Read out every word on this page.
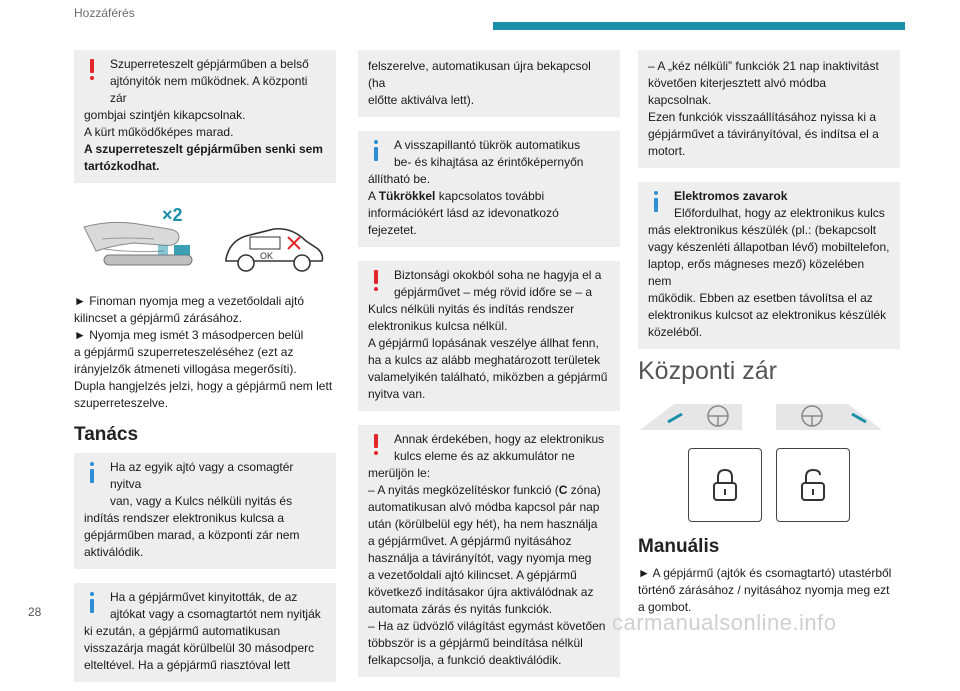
Hozzáférés

Szuperreteszelt gépjárműben a belső

ajtónyitók nem működnek. A központi zár

gombjai szintjén kikapcsolnak.

A kürt működőképes marad.

A szuperreteszelt gépjárműben senki sem

tartózkodhat.

×2
OK

► Finoman nyomja meg a vezetőoldali ajtó

kilincset a gépjármű zárásához.

► Nyomja meg ismét 3 másodpercen belül

a gépjármű szuperreteszeléséhez (ezt az

irányjelzők átmeneti villogása megerősíti).

Dupla hangjelzés jelzi, hogy a gépjármű nem lett

szuperreteszelve.

Tanács

Ha az egyik ajtó vagy a csomagtér nyitva

van, vagy a Kulcs nélküli nyitás és

indítás rendszer elektronikus kulcsa a

gépjárműben marad, a központi zár nem

aktiválódik.

Ha a gépjárművet kinyitották, de az

ajtókat vagy a csomagtartót nem nyitják

ki ezután, a gépjármű automatikusan

visszazárja magát körülbelül 30 másodperc

elteltével. Ha a gépjármű riasztóval lett

felszerelve, automatikusan újra bekapcsol (ha

előtte aktiválva lett).

A visszapillantó tükrök automatikus

be- és kihajtása az érintőképernyőn

állítható be.

A Tükrökkel kapcsolatos további

információkért lásd az idevonatkozó fejezetet.

Biztonsági okokból soha ne hagyja el a

gépjárművet – még rövid időre se – a

Kulcs nélküli nyitás és indítás rendszer

elektronikus kulcsa nélkül.

A gépjármű lopásának veszélye állhat fenn,

ha a kulcs az alább meghatározott területek

valamelyikén található, miközben a gépjármű

nyitva van.

Annak érdekében, hogy az elektronikus

kulcs eleme és az akkumulátor ne

merüljön le:

– A nyitás megközelítéskor funkció (C zóna)

automatikusan alvó módba kapcsol pár nap

után (körülbelül egy hét), ha nem használja

a gépjárművet. A gépjármű nyitásához

használja a távirányítót, vagy nyomja meg

a vezetőoldali ajtó kilincset. A gépjármű

következő indításakor újra aktiválódnak az

automata zárás és nyitás funkciók.

– Ha az üdvözlő világítást egymást követően

többször is a gépjármű beindítása nélkül

felkapcsolja, a funkció deaktiválódik.

– A „kéz nélküli” funkciók 21 nap inaktivitást

követően kiterjesztett alvó módba kapcsolnak.

Ezen funkciók visszaállításához nyissa ki a

gépjárművet a távirányítóval, és indítsa el a

motort.

Elektromos zavarok

Előfordulhat, hogy az elektronikus kulcs

más elektronikus készülék (pl.: (bekapcsolt

vagy készenléti állapotban lévő) mobiltelefon,

laptop, erős mágneses mező) közelében nem

működik. Ebben az esetben távolítsa el az

elektronikus kulcsot az elektronikus készülék

közeléből.

Központi zár
Manuális

► A gépjármű (ajtók és csomagtartó) utastérből

történő zárásához / nyitásához nyomja meg ezt

a gombot.

28	carmanualsonline.info
